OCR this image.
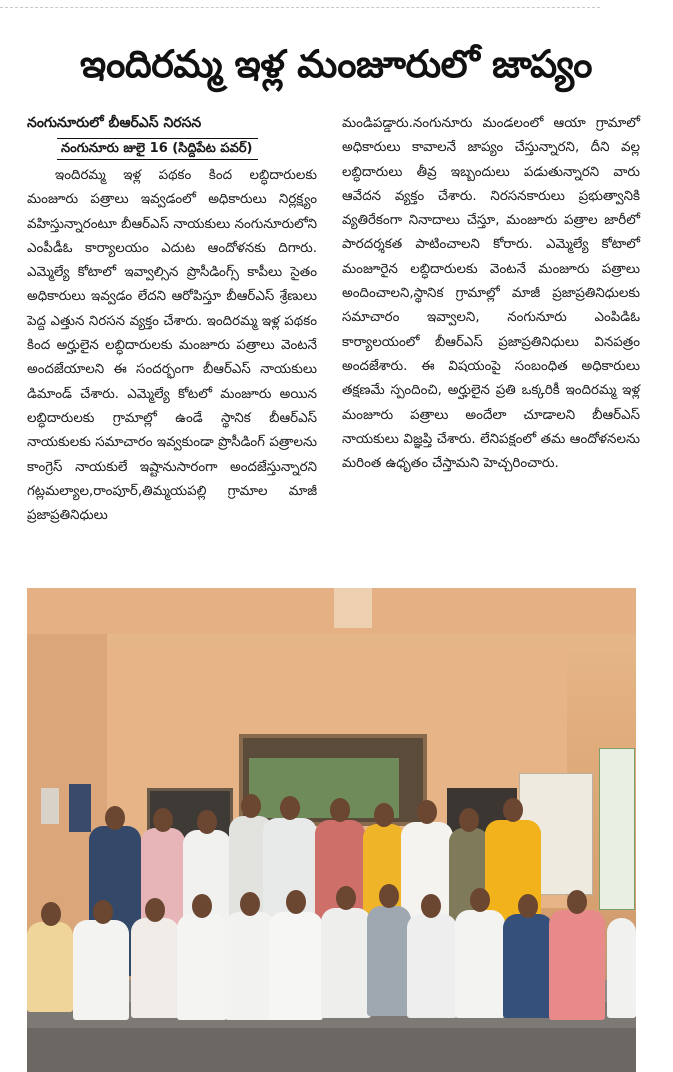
ఇందిరమ్మ ఇళ్ల మంజూరులో జాప్యం
నంగునూరులో బీఆర్ఎస్ నిరసన
నంగునూరు జులై 16 (సిద్దిపేట పవర్)

ఇందిరమ్మ ఇళ్ల పథకం కింద లబ్ధిదారులకు మంజూరు పత్రాలు ఇవ్వడంలో అధికారులు నిర్లక్ష్యం వహిస్తున్నారంటూ బీఆర్ఎస్ నాయకులు నంగునూరులోని ఎంపీడీఓ కార్యాలయం ఎదుట ఆందోళనకు దిగారు. ఎమ్మెల్యే కోటాలో ఇవ్వాల్సిన ప్రొసీడింగ్స్ కాపీలు సైతం అధికారులు ఇవ్వడం లేదని ఆరోపిస్తూ బీఆర్ఎస్ శ్రేణులు పెద్ద ఎత్తున నిరసన వ్యక్తం చేశారు. ఇందిరమ్మ ఇళ్ల పథకం కింద అర్హులైన లబ్ధిదారులకు మంజూరు పత్రాలు వెంటనే అందజేయాలని ఈ సందర్భంగా బీఆర్ఎస్ నాయకులు డిమాండ్ చేశారు. ఎమ్మెల్యే కోటలో మంజూరు అయిన లబ్ధిదారులకు గ్రామాల్లో ఉండే స్థానిక బీఆర్ఎస్ నాయకులకు సమాచారం ఇవ్వకుండా ప్రొసీడింగ్ పత్రాలను కాంగ్రెస్ నాయకులే ఇష్టానుసారంగా అందజేస్తున్నారని గట్లమల్యాల,రాంపూర్,తిమ్మయపల్లి గ్రామాల మాజీ ప్రజాప్రతినిధులు

మండిపడ్డారు.నంగునూరు మండలంలో ఆయా గ్రామాలో అధికారులు కావాలనే జాప్యం చేస్తున్నారని, దీని వల్ల లబ్ధిదారులు తీవ్ర ఇబ్బందులు పడుతున్నారని వారు ఆవేదన వ్యక్తం చేశారు. నిరసనకారులు ప్రభుత్వానికి వ్యతిరేకంగా నినాదాలు చేస్తూ, మంజూరు పత్రాల జారీలో పారదర్శకత పాటించాలని కోరారు. ఎమ్మెల్యే కోటాలో మంజూరైన లబ్ధిదారులకు వెంటనే మంజూరు పత్రాలు అందించాలని,స్థానిక గ్రామాల్లో మాజీ ప్రజాప్రతినిధులకు సమాచారం ఇవ్వాలని, నంగునూరు ఎంపిడిఓ కార్యాలయంలో బీఆర్ఎస్ ప్రజాప్రతినిధులు వినపత్రం అందజేశారు. ఈ విషయంపై సంబంధిత అధికారులు తక్షణమే స్పందించి, అర్హులైన ప్రతి ఒక్కరికీ ఇందిరమ్మ ఇళ్ల మంజూరు పత్రాలు అందేలా చూడాలని బీఆర్ఎస్ నాయకులు విజ్ఞప్తి చేశారు. లేనిపక్షంలో తమ ఆందోళనలను మరింత ఉధృతం చేస్తామని హెచ్చరించారు.
